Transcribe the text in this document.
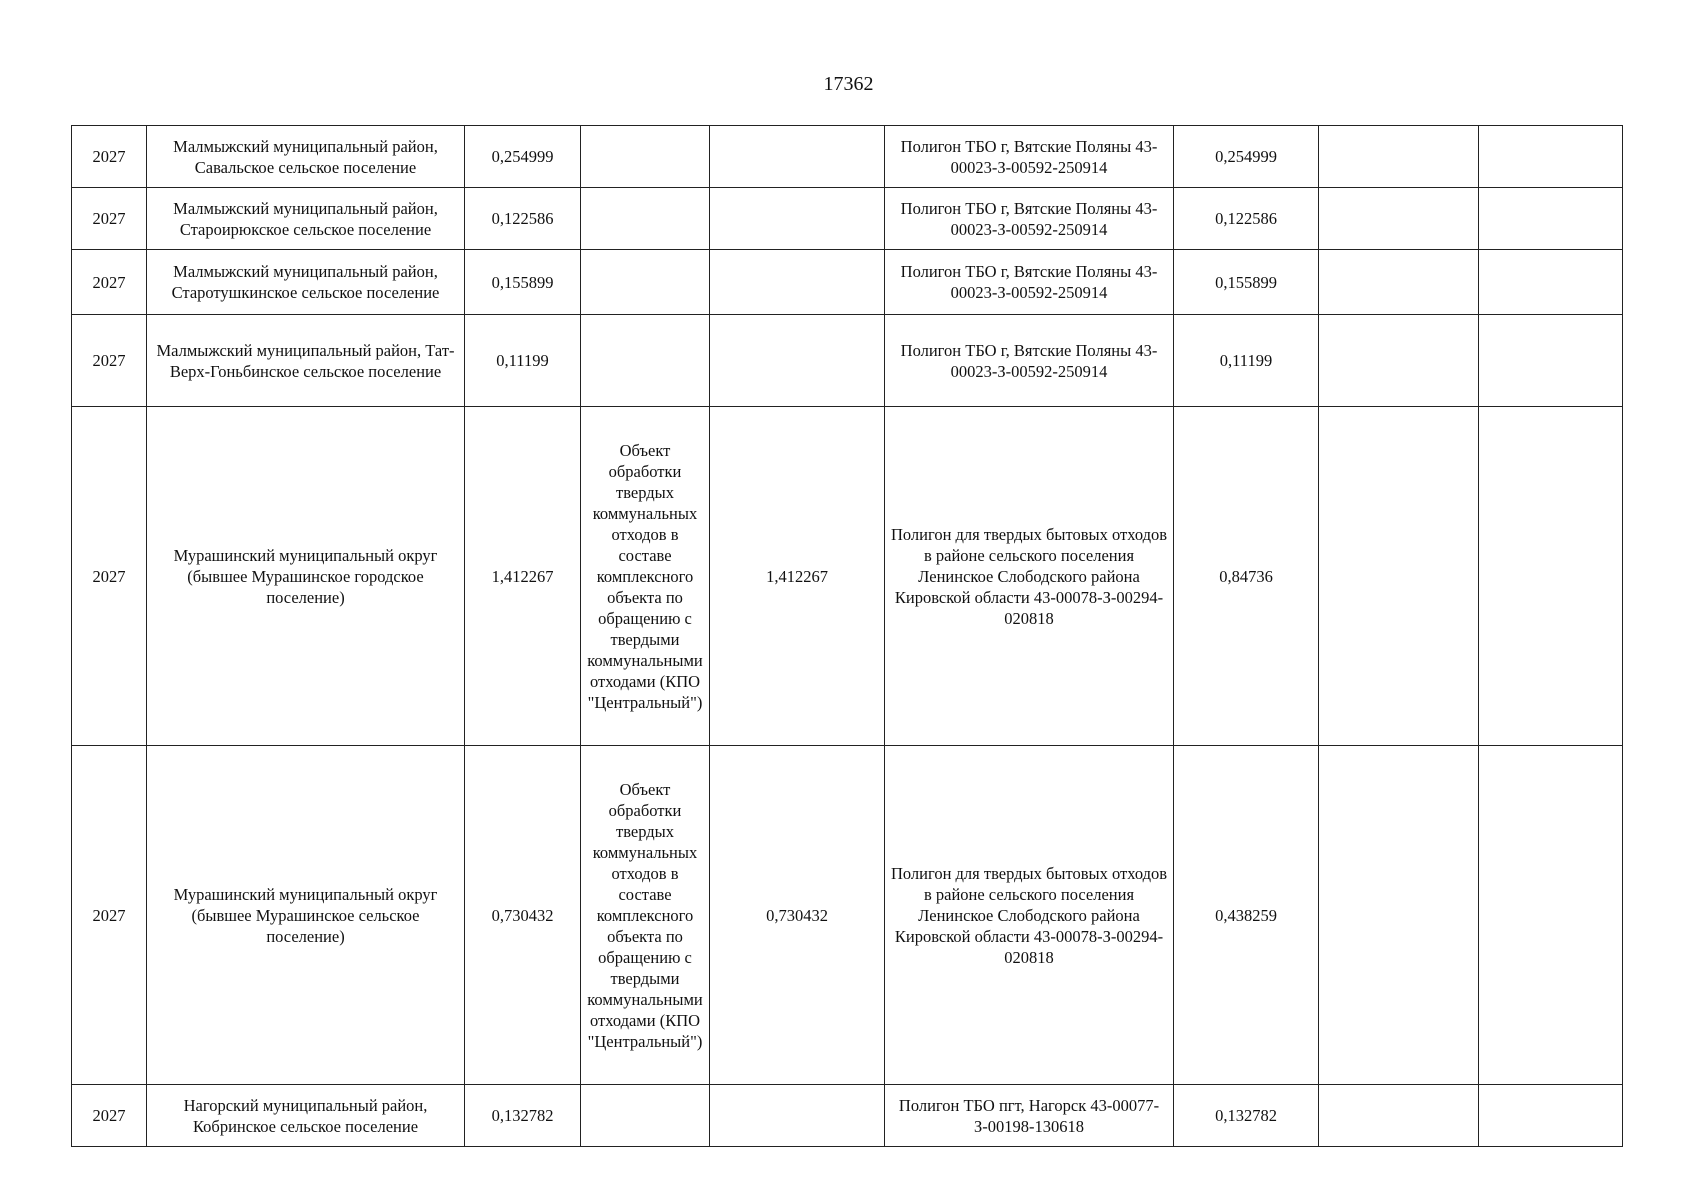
17362
2027	Малмыжский муниципальный район, Савальское сельское поселение	0,254999			Полигон ТБО г, Вятские Поляны 43-00023-З-00592-250914	0,254999		
2027	Малмыжский муниципальный район, Староирюкское сельское поселение	0,122586			Полигон ТБО г, Вятские Поляны 43-00023-З-00592-250914	0,122586		
2027	Малмыжский муниципальный район, Старотушкинское сельское поселение	0,155899			Полигон ТБО г, Вятские Поляны 43-00023-З-00592-250914	0,155899		
2027	Малмыжский муниципальный район, Тат-Верх-Гоньбинское сельское поселение	0,11199			Полигон ТБО г, Вятские Поляны 43-00023-З-00592-250914	0,11199		
2027	Мурашинский муниципальный округ (бывшее Мурашинское городское поселение)	1,412267	Объект обработки твердых коммунальных отходов в составе комплексного объекта по обращению с твердыми коммунальными отходами (КПО "Центральный")	1,412267	Полигон для твердых бытовых отходов в районе сельского поселения Ленинское Слободского района Кировской области 43-00078-З-00294-020818	0,84736		
2027	Мурашинский муниципальный округ (бывшее Мурашинское сельское поселение)	0,730432	Объект обработки твердых коммунальных отходов в составе комплексного объекта по обращению с твердыми коммунальными отходами (КПО "Центральный")	0,730432	Полигон для твердых бытовых отходов в районе сельского поселения Ленинское Слободского района Кировской области 43-00078-З-00294-020818	0,438259		
2027	Нагорский муниципальный район, Кобринское сельское поселение	0,132782			Полигон ТБО пгт, Нагорск 43-00077-З-00198-130618	0,132782		
